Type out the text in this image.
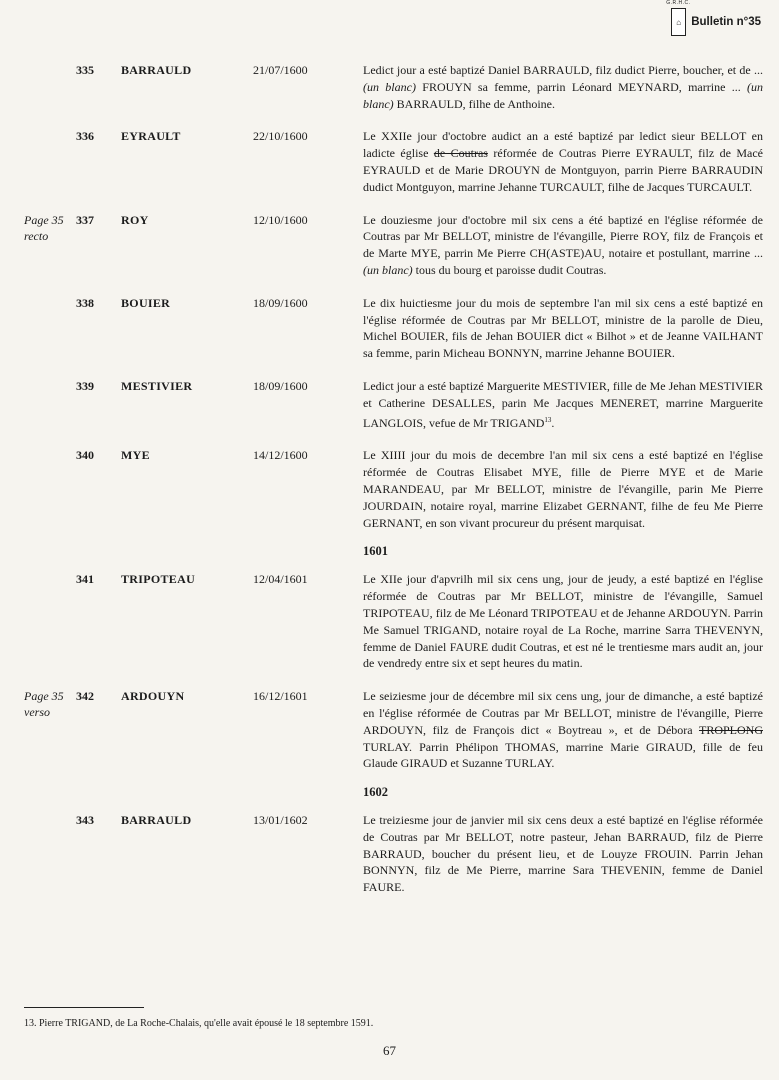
G.R.H.C.
⌂ Bulletin n°35
335	BARRAULD	21/07/1600	Ledict jour a esté baptizé Daniel BARRAULD, filz dudict Pierre, boucher, et de ... (un blanc) FROUYN sa femme, parrin Léonard MEYNARD, marrine ... (un blanc) BARRAULD, filhe de Anthoine.
336	EYRAULT	22/10/1600	Le XXIIe jour d'octobre audict an a esté baptizé par ledict sieur BELLOT en ladicte église de Coutras réformée de Coutras Pierre EYRAULT, filz de Macé EYRAULD et de Marie DROUYN de Montguyon, parrin Pierre BARRAUDIN dudict Montguyon, marrine Jehanne TURCAULT, filhe de Jacques TURCAULT.
Page 35
recto
337	ROY	12/10/1600	Le douziesme jour d'octobre mil six cens a été baptizé en l'église réformée de Coutras par Mr BELLOT, ministre de l'évangille, Pierre ROY, filz de François et de Marte MYE, parrin Me Pierre CH(ASTE)AU, notaire et postullant, marrine ... (un blanc) tous du bourg et paroisse dudit Coutras.
338	BOUIER	18/09/1600	Le dix huictiesme jour du mois de septembre l'an mil six cens a esté baptizé en l'église réformée de Coutras par Mr BELLOT, ministre de la parolle de Dieu, Michel BOUIER, fils de Jehan BOUIER dict « Bilhot » et de Jeanne VAILHANT sa femme, parin Micheau BONNYN, marrine Jehanne BOUIER.
339	MESTIVIER	18/09/1600	Ledict jour a esté baptizé Marguerite MESTIVIER, fille de Me Jehan MESTIVIER et Catherine DESALLES, parin Me Jacques MENERET, marrine Marguerite LANGLOIS, vefue de Mr TRIGAND$^{13}$.
340	MYE	14/12/1600	Le XIIII jour du mois de decembre l'an mil six cens a esté baptizé en l'église réformée de Coutras Elisabet MYE, fille de Pierre MYE et de Marie MARANDEAU, par Mr BELLOT, ministre de l'évangille, parin Me Pierre JOURDAIN, notaire royal, marrine Elizabet GERNANT, filhe de feu Me Pierre GERNANT, en son vivant procureur du présent marquisat.
1601
341	TRIPOTEAU	12/04/1601	Le XIIe jour d'apvrilh mil six cens ung, jour de jeudy, a esté baptizé en l'église réformée de Coutras par Mr BELLOT, ministre de l'évangille, Samuel TRIPOTEAU, filz de Me Léonard TRIPOTEAU et de Jehanne ARDOUYN. Parrin Me Samuel TRIGAND, notaire royal de La Roche, marrine Sarra THEVENYN, femme de Daniel FAURE dudit Coutras, et est né le trentiesme mars audit an, jour de vendredy entre six et sept heures du matin.
Page 35
verso
342	ARDOUYN	16/12/1601	Le seiziesme jour de décembre mil six cens ung, jour de dimanche, a esté baptizé en l'église réformée de Coutras par Mr BELLOT, ministre de l'évangille, Pierre ARDOUYN, filz de François dict « Boytreau », et de Débora TROPLONG TURLAY. Parrin Phélipon THOMAS, marrine Marie GIRAUD, fille de feu Glaude GIRAUD et Suzanne TURLAY.
1602
343	BARRAULD	13/01/1602	Le treiziesme jour de janvier mil six cens deux a esté baptizé en l'église réformée de Coutras par Mr BELLOT, notre pasteur, Jehan BARRAUD, filz de Pierre BARRAUD, boucher du présent lieu, et de Louyze FROUIN. Parrin Jehan BONNYN, filz de Me Pierre, marrine Sara THEVENIN, femme de Daniel FAURE.
13. Pierre TRIGAND, de La Roche-Chalais, qu'elle avait épousé le 18 septembre 1591.
67
